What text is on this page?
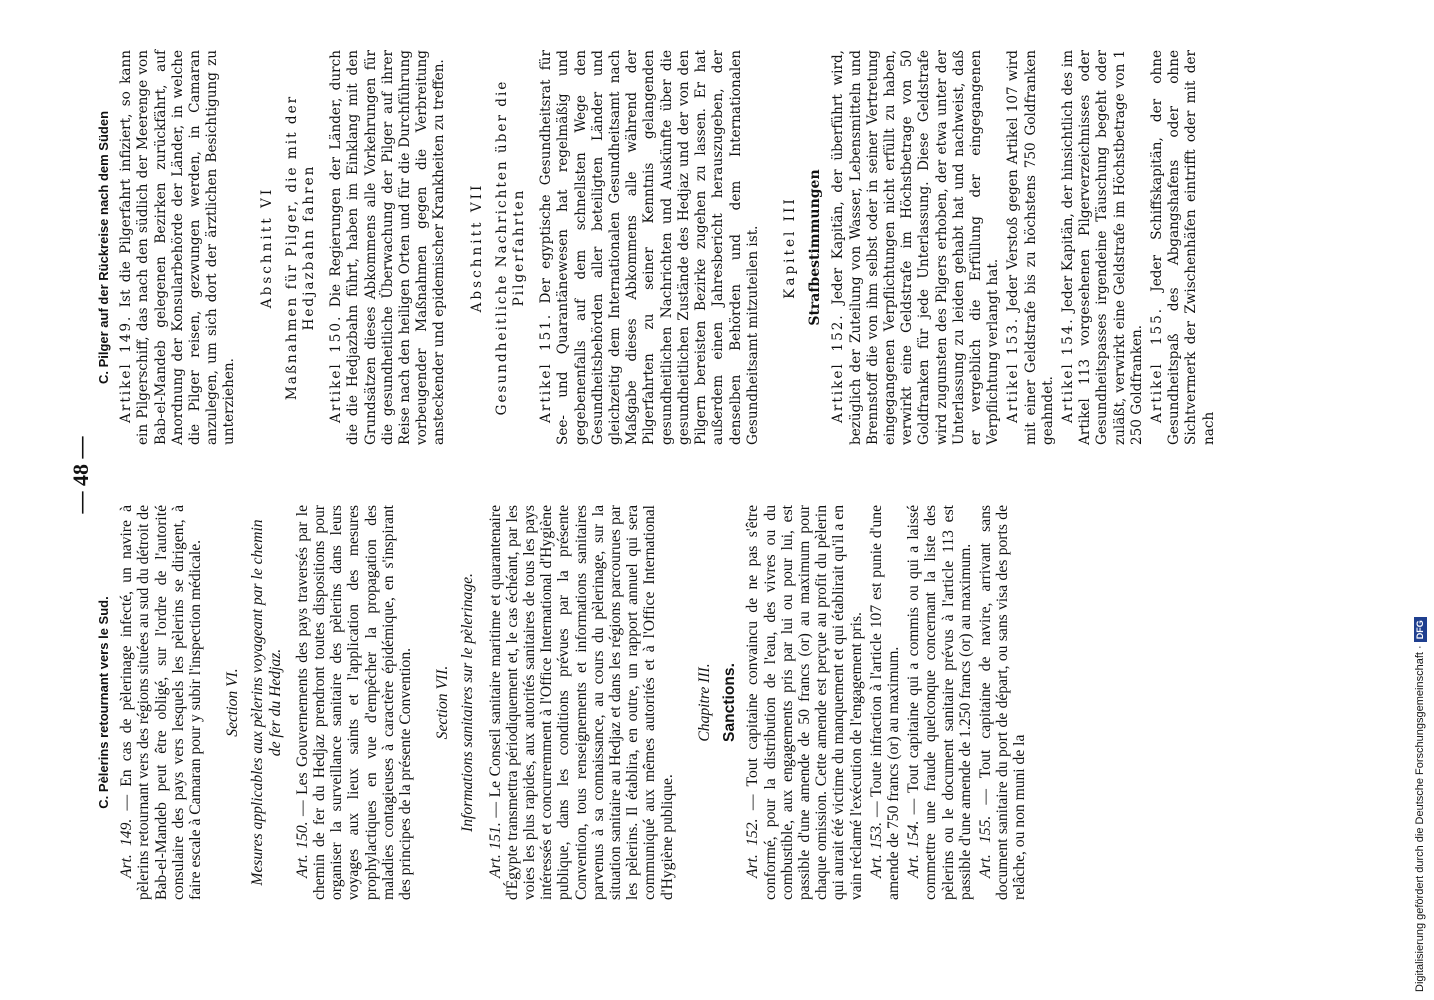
— 48 —

C. Pèlerins retournant vers le Sud.

Art. 149. — En cas de pèlerinage infecté, un navire à pèlerins retournant vers des régions situées au sud du détroit de Bab-el-Mandeb peut être obligé, sur l'ordre de l'autorité consulaire des pays vers lesquels les pèlerins se dirigent, à faire escale à Camaran pour y subir l'inspection médicale. Section VI. Mesures applicables aux pèlerins voyageant par le chemin de fer du Hedjaz.

Art. 150. — Les Gouvernements des pays traversés par le chemin de fer du Hedjaz prendront toutes dispositions pour organiser la surveillance sanitaire des pèlerins dans leurs voyages aux lieux saints et l'application des mesures prophylactiques en vue d'empêcher la propagation des maladies contagieuses à caractère épidémique, en s'inspirant des principes de la présente Convention. Section VII. Informations sanitaires sur le pèlerinage.

Art. 151. — Le Conseil sanitaire maritime et quarantenaire d'Égypte transmettra périodiquement et, le cas échéant, par les voies les plus rapides, aux autorités sanitaires de tous les pays intéressés et concurremment à l'Office International d'Hygiène publique, dans les conditions prévues par la présente Convention, tous renseignements et informations sanitaires parvenus à sa connaissance, au cours du pèlerinage, sur la situation sanitaire au Hedjaz et dans les régions parcourues par les pèlerins. Il établira, en outre, un rapport annuel qui sera communiqué aux mêmes autorités et à l'Office International d'Hygiène publique.

Chapitre III. Sanctions.

Art. 152. — Tout capitaine convaincu de ne pas s'être conformé, pour la distribution de l'eau, des vivres ou du combustible, aux engagements pris par lui ou pour lui, est passible d'une amende de 50 francs (or) au maximum pour chaque omission. Cette amende est perçue au profit du pèlerin qui aurait été victime du manquement et qui établirait qu'il a en vain réclamé l'exécution de l'engagement pris. Art. 153. — Toute infraction à l'article 107 est punie d'une amende de 750 francs (or) au maximum. Art. 154. — Tout capitaine qui a commis ou qui a laissé commettre une fraude quelconque concernant la liste des pèlerins ou le document sanitaire prévus à l'article 113 est passible d'une amende de 1.250 francs (or) au maximum. Art. 155. — Tout capitaine de navire, arrivant sans document sanitaire du port de départ, ou sans visa des ports de relâche, ou non muni de la

C. Pilger auf der Rückreise nach dem Süden Artikel 149. Ist die Pilgerfahrt infiziert, so kann ein Pilgerschiff, das nach den südlich der Meerenge von Bab-el-Mandeb gelegenen Bezirken zurückfährt, auf Anordnung der Konsularbehörde der Länder, in welche die Pilger reisen, gezwungen werden, in Camaran anzulegen, um sich dort der ärztlichen Besichtigung zu unterziehen.

Abschnitt VI Maßnahmen für Pilger, die mit der Hedjazbahn fahren

Artikel 150. Die Regierungen der Länder, durch die die Hedjazbahn führt, haben im Einklang mit den Grundsätzen dieses Abkommens alle Vorkehrungen für die gesundheitliche Überwachung der Pilger auf ihrer Reise nach den heiligen Orten und für die Durchführung vorbeugender Maßnahmen gegen die Verbreitung ansteckender und epidemischer Krankheiten zu treffen. Abschnitt VII Gesundheitliche Nachrichten über die Pilgerfahrten

Artikel 151. Der egyptische Gesundheitsrat für See- und Quarantänewesen hat regelmäßig und gegebenenfalls auf dem schnellsten Wege den Gesundheitsbehörden aller beteiligten Länder und gleichzeitig dem Internationalen Gesundheitsamt nach Maßgabe dieses Abkommens alle während der Pilgerfahrten zu seiner Kenntnis gelangenden gesundheitlichen Nachrichten und Auskünfte über die gesundheitlichen Zustände des Hedjaz und der von den Pilgern bereisten Bezirke zugehen zu lassen. Er hat außerdem einen Jahresbericht herauszugeben, der denselben Behörden und dem Internationalen Gesundheitsamt mitzuteilen ist. Kapitel III Strafbestimmungen

Artikel 152. Jeder Kapitän, der überführt wird, bezüglich der Zuteilung von Wasser, Lebensmitteln und Brennstoff die von ihm selbst oder in seiner Vertretung eingegangenen Verpflichtungen nicht erfüllt zu haben, verwirkt eine Geldstrafe im Höchstbetrage von 50 Goldfranken für jede Unterlassung. Diese Geldstrafe wird zugunsten des Pilgers erhoben, der etwa unter der Unterlassung zu leiden gehabt hat und nachweist, daß er vergeblich die Erfüllung der eingegangenen Verpflichtung verlangt hat. Artikel 153. Jeder Verstoß gegen Artikel 107 wird mit einer Geldstrafe bis zu höchstens 750 Goldfranken geahndet. Artikel 154. Jeder Kapitän, der hinsichtlich des im Artikel 113 vorgesehenen Pilgerverzeichnisses oder Gesundheitspasses irgendeine Täuschung begeht oder zuläßt, verwirkt eine Geldstrafe im Höchstbetrage von 1 250 Goldfranken. Artikel 155. Jeder Schiffskapitän, der ohne Gesundheitspaß des Abgangshafens oder ohne Sichtvermerk der Zwischenhäfen eintrifft oder mit der nach

Digitalisierung gefördert durch die Deutsche Forschungsgemeinschaft · DFG
